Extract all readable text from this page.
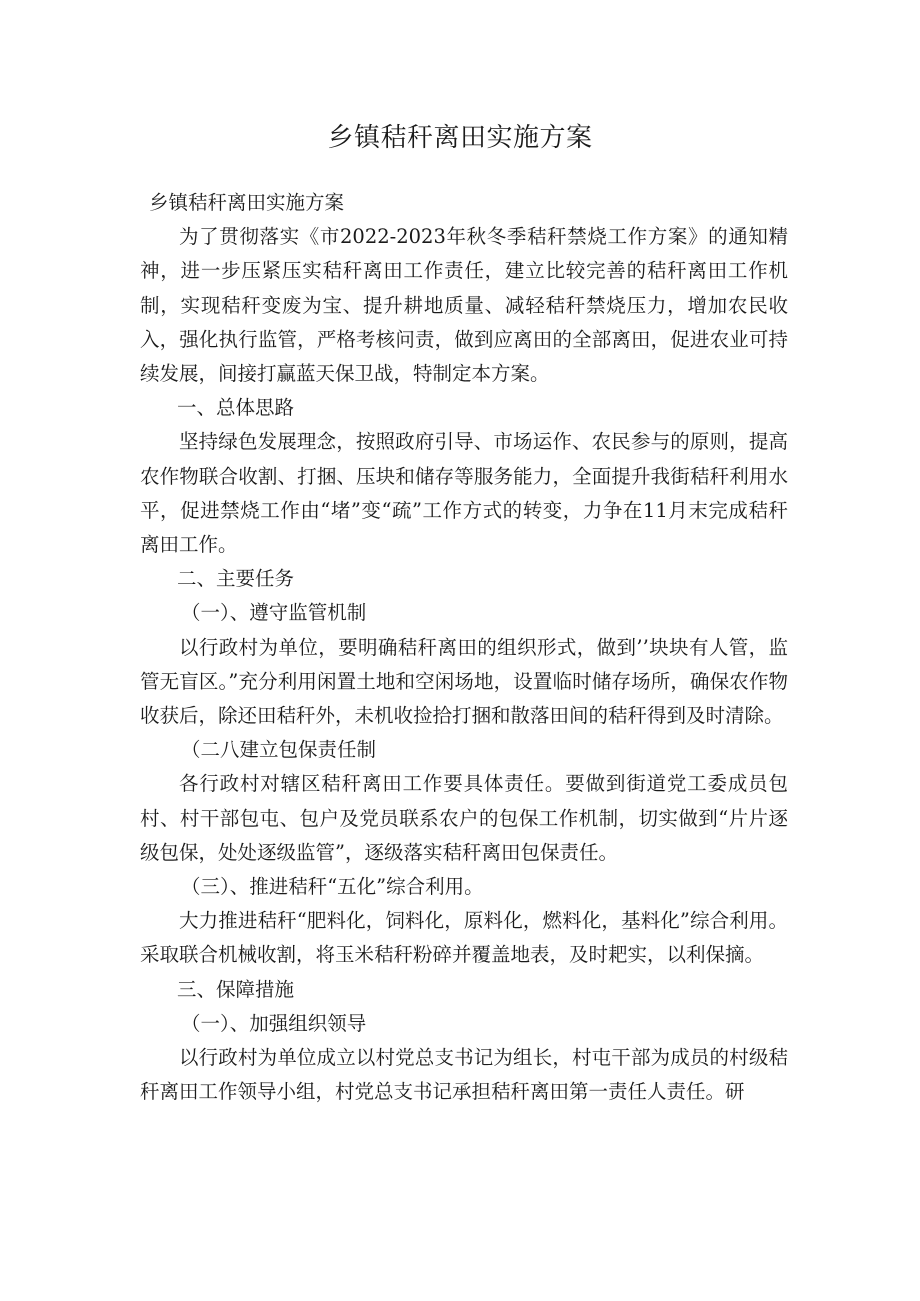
乡镇秸秆离田实施方案

乡镇秸秆离田实施方案

为了贯彻落实《市2022-2023年秋冬季秸秆禁烧工作方案》的通知精神，进一步压紧压实秸秆离田工作责任，建立比较完善的秸秆离田工作机制，实现秸秆变废为宝、提升耕地质量、减轻秸秆禁烧压力，增加农民收入，强化执行监管，严格考核问责，做到应离田的全部离田，促进农业可持续发展，间接打赢蓝天保卫战，特制定本方案。

一、总体思路

坚持绿色发展理念，按照政府引导、市场运作、农民参与的原则，提高农作物联合收割、打捆、压块和储存等服务能力，全面提升我街秸秆利用水平，促进禁烧工作由“堵”变“疏”工作方式的转变，力争在11月末完成秸秆离田工作。

二、主要任务

（一）、遵守监管机制

以行政村为单位，要明确秸秆离田的组织形式，做到’’块块有人管，监管无盲区。”充分利用闲置土地和空闲场地，设置临时储存场所，确保农作物收获后，除还田秸秆外，未机收捡拾打捆和散落田间的秸秆得到及时清除。

（二八建立包保责任制

各行政村对辖区秸秆离田工作要具体责任。要做到街道党工委成员包村、村干部包屯、包户及党员联系农户的包保工作机制，切实做到“片片逐级包保，处处逐级监管”，逐级落实秸秆离田包保责任。

（三）、推进秸秆“五化”综合利用。

大力推进秸秆“肥料化，饲料化，原料化，燃料化，基料化”综合利用。采取联合机械收割，将玉米秸秆粉碎并覆盖地表，及时耙实，以利保摘。

三、保障措施

（一）、加强组织领导

以行政村为单位成立以村党总支书记为组长，村屯干部为成员的村级秸秆离田工作领导小组，村党总支书记承担秸秆离田第一责任人责任。研
